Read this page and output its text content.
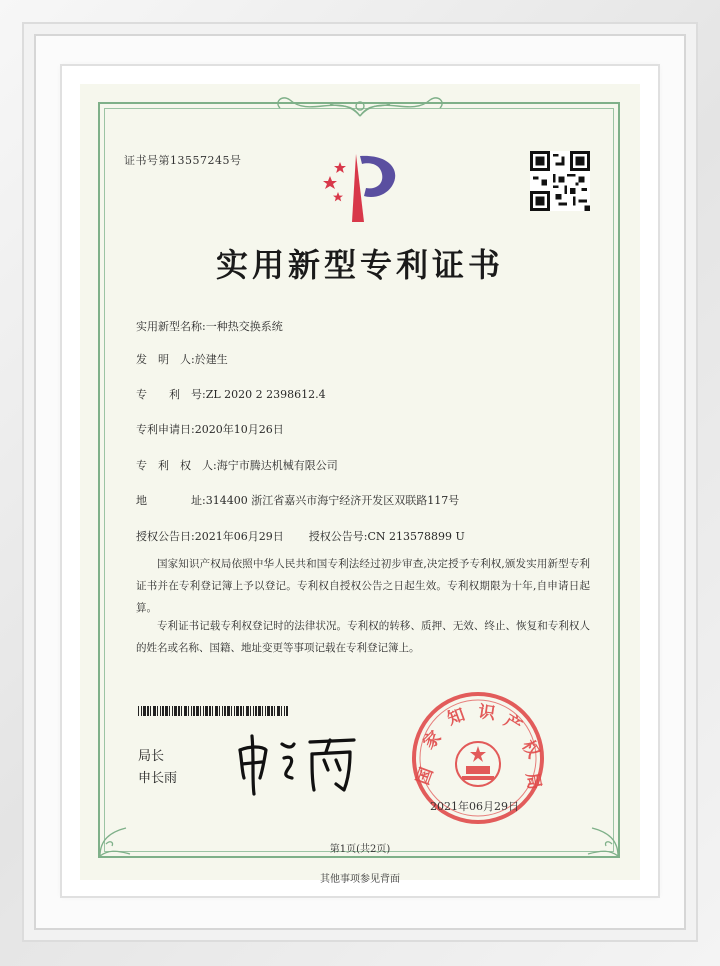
证书号第13557245号
实用新型专利证书
实用新型名称:一种热交换系统
发　明　人:於建生
专　　利　号:ZL 2020 2 2398612.4
专利申请日:2020年10月26日
专　利　权　人:海宁市腾达机械有限公司
地　　　　址:314400 浙江省嘉兴市海宁经济开发区双联路117号
授权公告日:2021年06月29日 授权公告号:CN 213578899 U
国家知识产权局依照中华人民共和国专利法经过初步审查,决定授予专利权,颁发实用新型专利证书并在专利登记簿上予以登记。专利权自授权公告之日起生效。专利权期限为十年,自申请日起算。
专利证书记载专利权登记时的法律状况。专利权的转移、质押、无效、终止、恢复和专利权人的姓名或名称、国籍、地址变更等事项记载在专利登记簿上。
局长
申长雨	国
家
知 识 产
权
局
2021年06月29日
第1页(共2页)
其他事项参见背面
